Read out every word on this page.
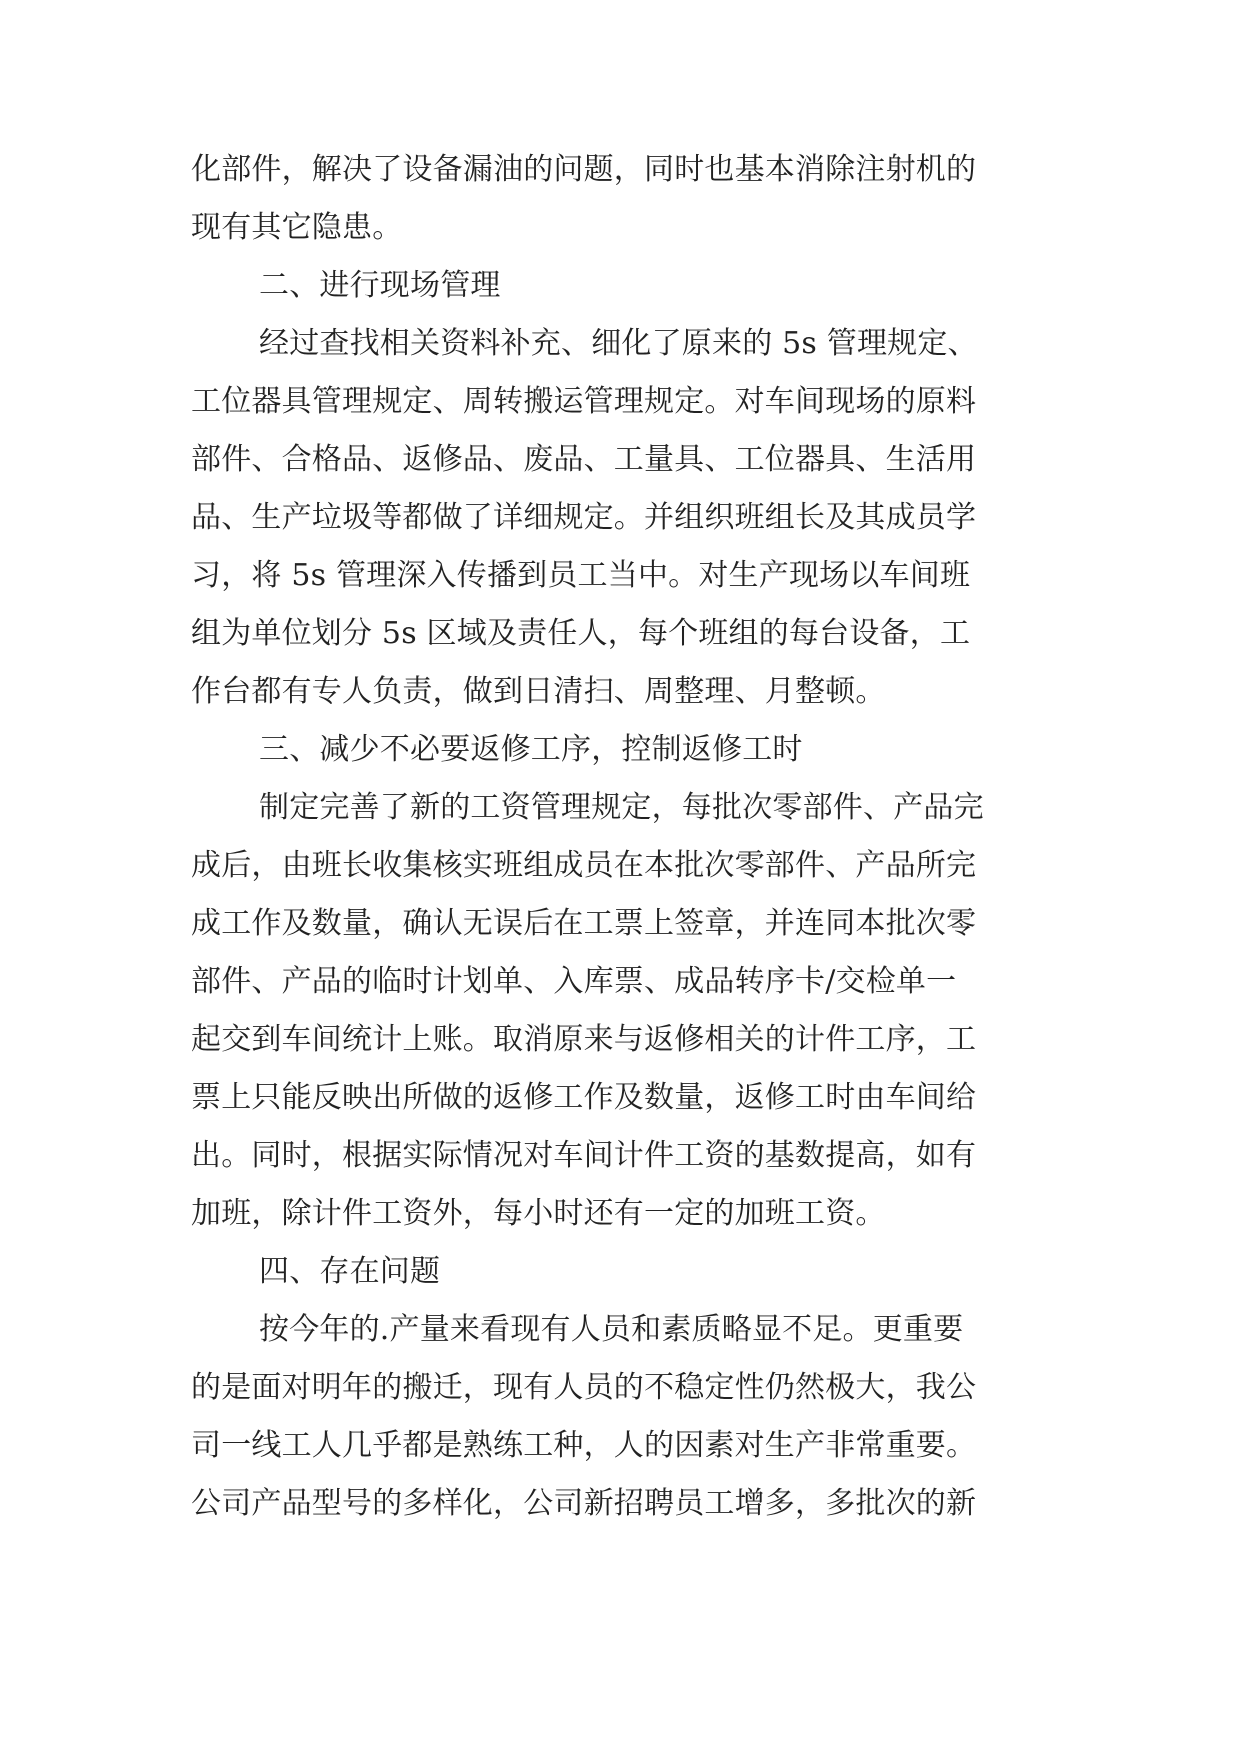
化部件，解决了设备漏油的问题，同时也基本消除注射机的

现有其它隐患。

二、进行现场管理

经过查找相关资料补充、细化了原来的 5s 管理规定、

工位器具管理规定、周转搬运管理规定。对车间现场的原料

部件、合格品、返修品、废品、工量具、工位器具、生活用

品、生产垃圾等都做了详细规定。并组织班组长及其成员学

习，将 5s 管理深入传播到员工当中。对生产现场以车间班

组为单位划分 5s 区域及责任人，每个班组的每台设备，工

作台都有专人负责，做到日清扫、周整理、月整顿。

三、减少不必要返修工序，控制返修工时

制定完善了新的工资管理规定，每批次零部件、产品完

成后，由班长收集核实班组成员在本批次零部件、产品所完

成工作及数量，确认无误后在工票上签章，并连同本批次零

部件、产品的临时计划单、入库票、成品转序卡/交检单一

起交到车间统计上账。取消原来与返修相关的计件工序，工

票上只能反映出所做的返修工作及数量，返修工时由车间给

出。同时，根据实际情况对车间计件工资的基数提高，如有

加班，除计件工资外，每小时还有一定的加班工资。

四、存在问题

按今年的.产量来看现有人员和素质略显不足。更重要

的是面对明年的搬迁，现有人员的不稳定性仍然极大，我公

司一线工人几乎都是熟练工种，人的因素对生产非常重要。

公司产品型号的多样化，公司新招聘员工增多，多批次的新
